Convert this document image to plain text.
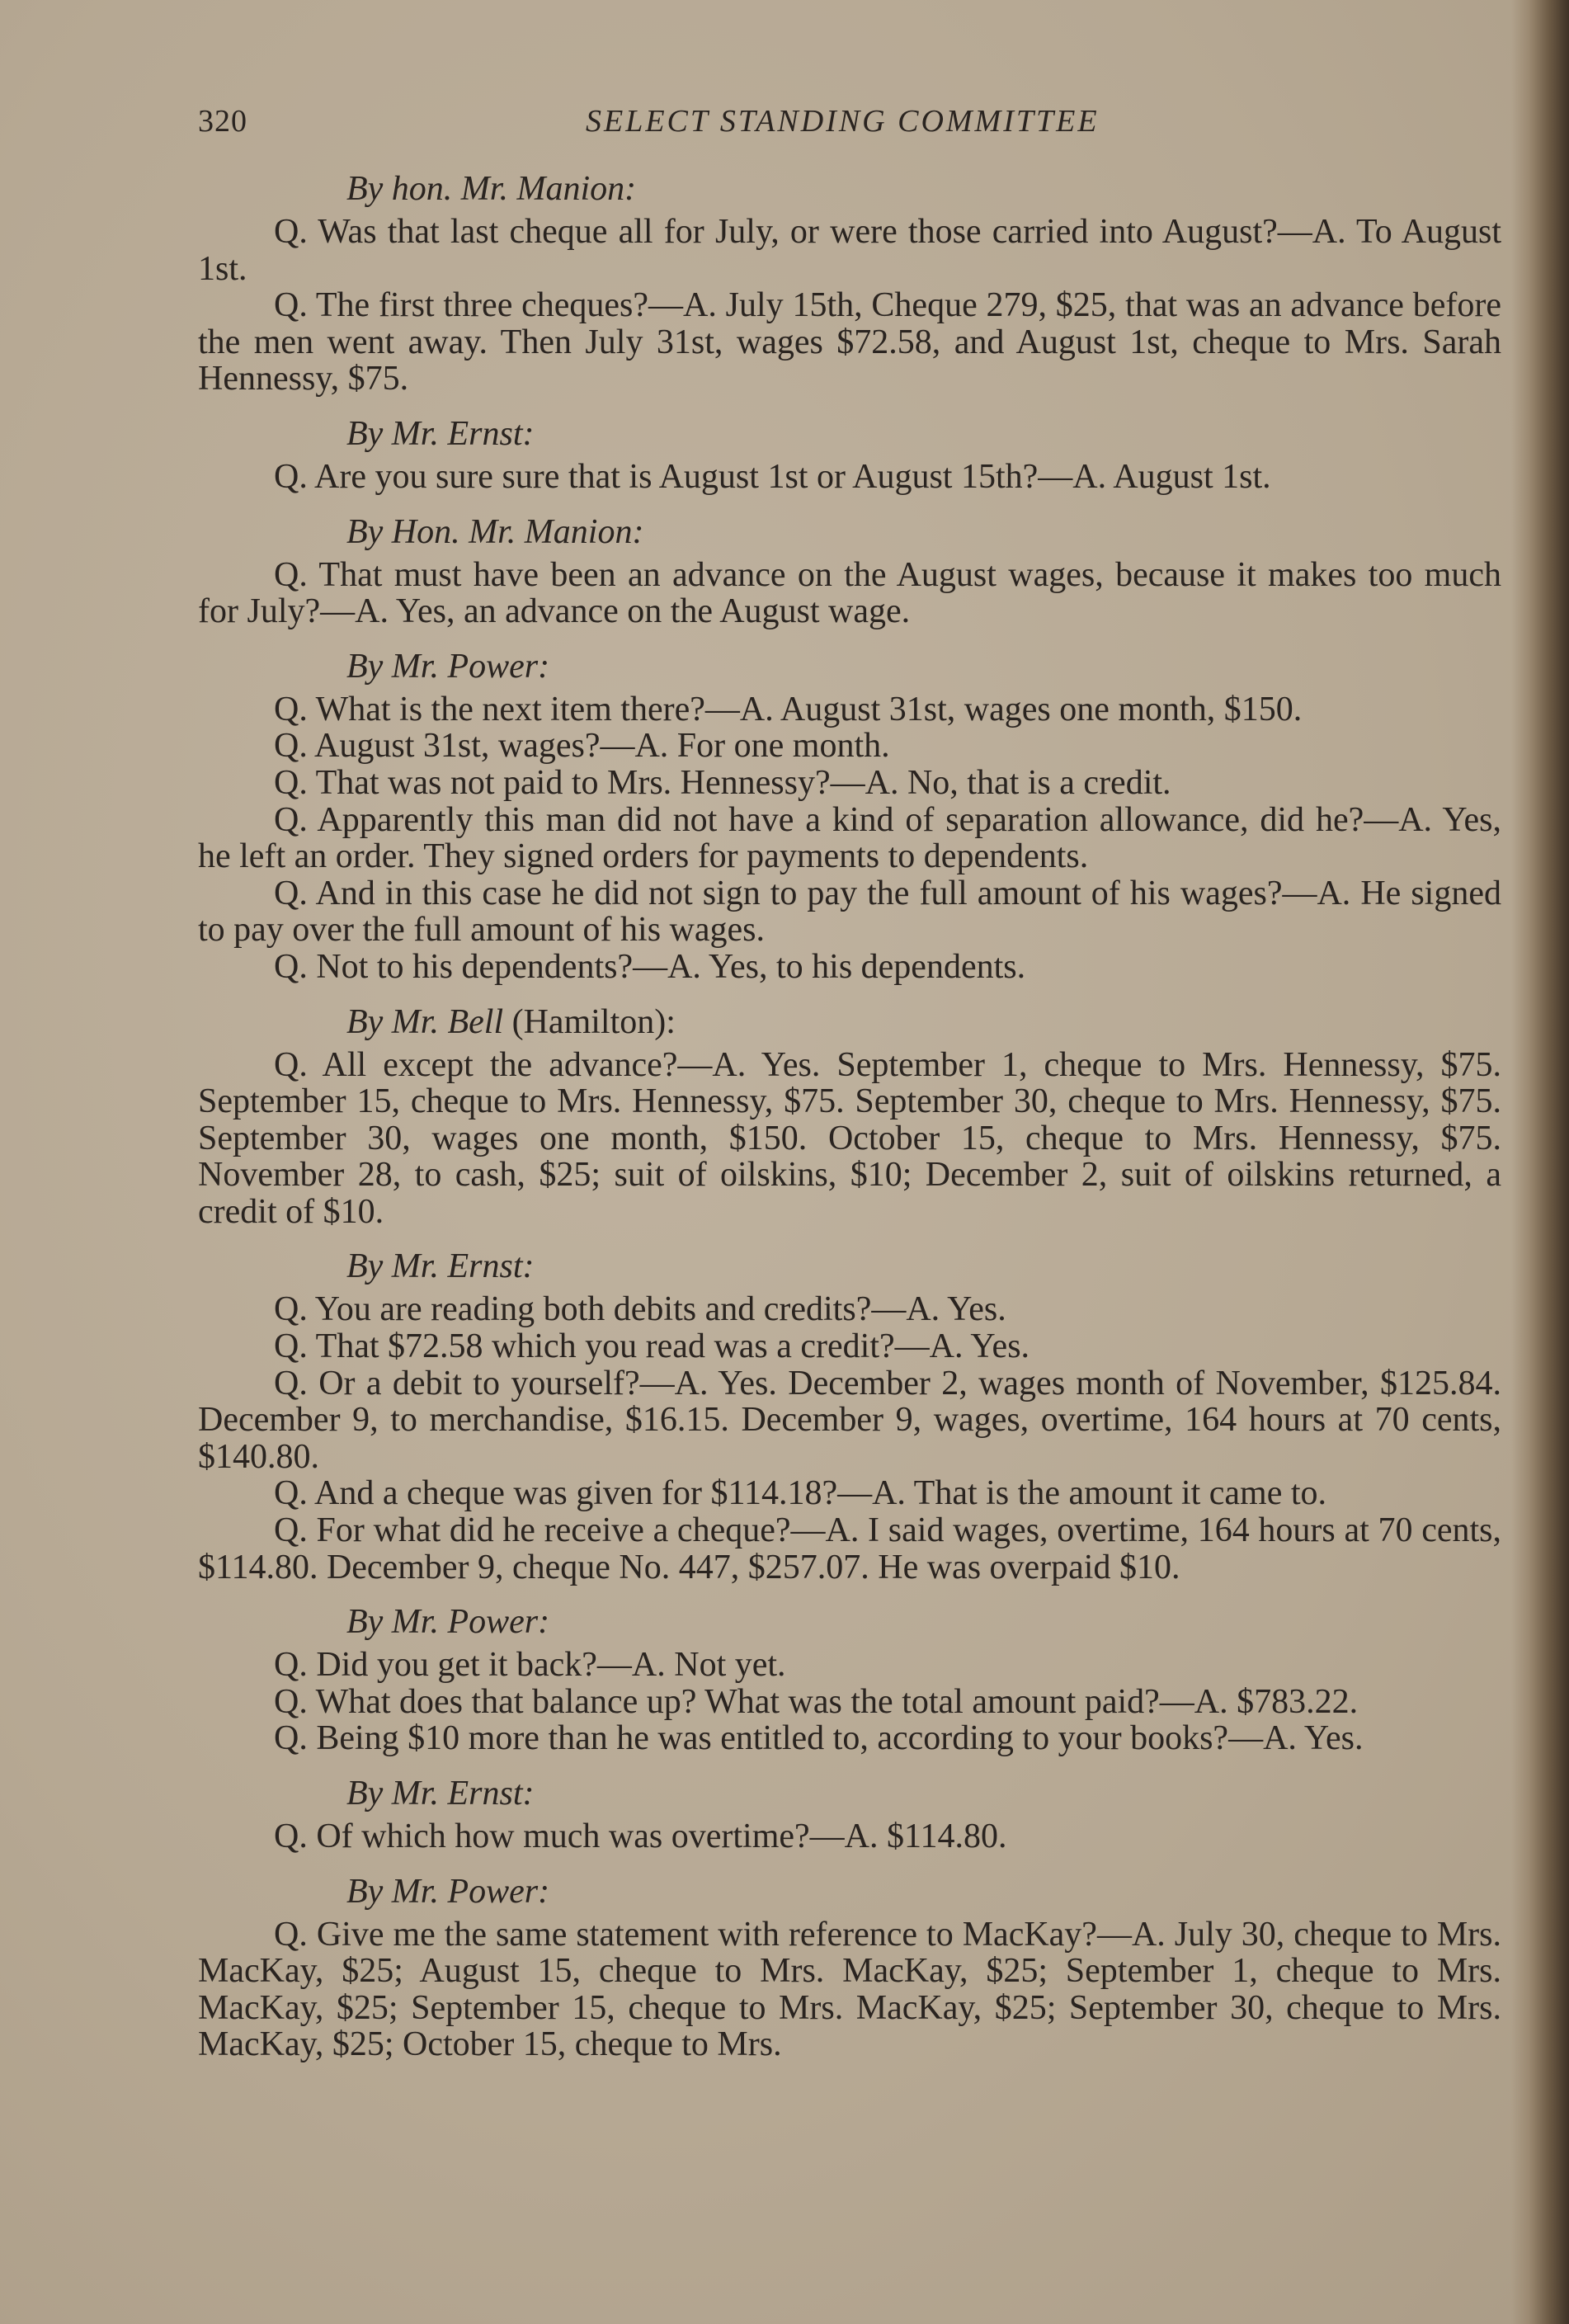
320	SELECT STANDING COMMITTEE
By hon. Mr. Manion:

Q. Was that last cheque all for July, or were those carried into August?—A. To August 1st.

Q. The first three cheques?—A. July 15th, Cheque 279, $25, that was an advance before the men went away. Then July 31st, wages $72.58, and August 1st, cheque to Mrs. Sarah Hennessy, $75.

By Mr. Ernst:

Q. Are you sure sure that is August 1st or August 15th?—A. August 1st.

By Hon. Mr. Manion:

Q. That must have been an advance on the August wages, because it makes too much for July?—A. Yes, an advance on the August wage.

By Mr. Power:

Q. What is the next item there?—A. August 31st, wages one month, $150.

Q. August 31st, wages?—A. For one month.

Q. That was not paid to Mrs. Hennessy?—A. No, that is a credit.

Q. Apparently this man did not have a kind of separation allowance, did he?—A. Yes, he left an order. They signed orders for payments to dependents.

Q. And in this case he did not sign to pay the full amount of his wages?—A. He signed to pay over the full amount of his wages.

Q. Not to his dependents?—A. Yes, to his dependents.

By Mr. Bell (Hamilton):

Q. All except the advance?—A. Yes. September 1, cheque to Mrs. Hennessy, $75. September 15, cheque to Mrs. Hennessy, $75. September 30, cheque to Mrs. Hennessy, $75. September 30, wages one month, $150. October 15, cheque to Mrs. Hennessy, $75. November 28, to cash, $25; suit of oilskins, $10; December 2, suit of oilskins returned, a credit of $10.

By Mr. Ernst:

Q. You are reading both debits and credits?—A. Yes.

Q. That $72.58 which you read was a credit?—A. Yes.

Q. Or a debit to yourself?—A. Yes. December 2, wages month of November, $125.84. December 9, to merchandise, $16.15. December 9, wages, overtime, 164 hours at 70 cents, $140.80.

Q. And a cheque was given for $114.18?—A. That is the amount it came to.

Q. For what did he receive a cheque?—A. I said wages, overtime, 164 hours at 70 cents, $114.80. December 9, cheque No. 447, $257.07. He was overpaid $10.

By Mr. Power:

Q. Did you get it back?—A. Not yet.

Q. What does that balance up? What was the total amount paid?—A. $783.22.

Q. Being $10 more than he was entitled to, according to your books?—A. Yes.

By Mr. Ernst:

Q. Of which how much was overtime?—A. $114.80.

By Mr. Power:

Q. Give me the same statement with reference to MacKay?—A. July 30, cheque to Mrs. MacKay, $25; August 15, cheque to Mrs. MacKay, $25; September 1, cheque to Mrs. MacKay, $25; September 15, cheque to Mrs. MacKay, $25; September 30, cheque to Mrs. MacKay, $25; October 15, cheque to Mrs.
